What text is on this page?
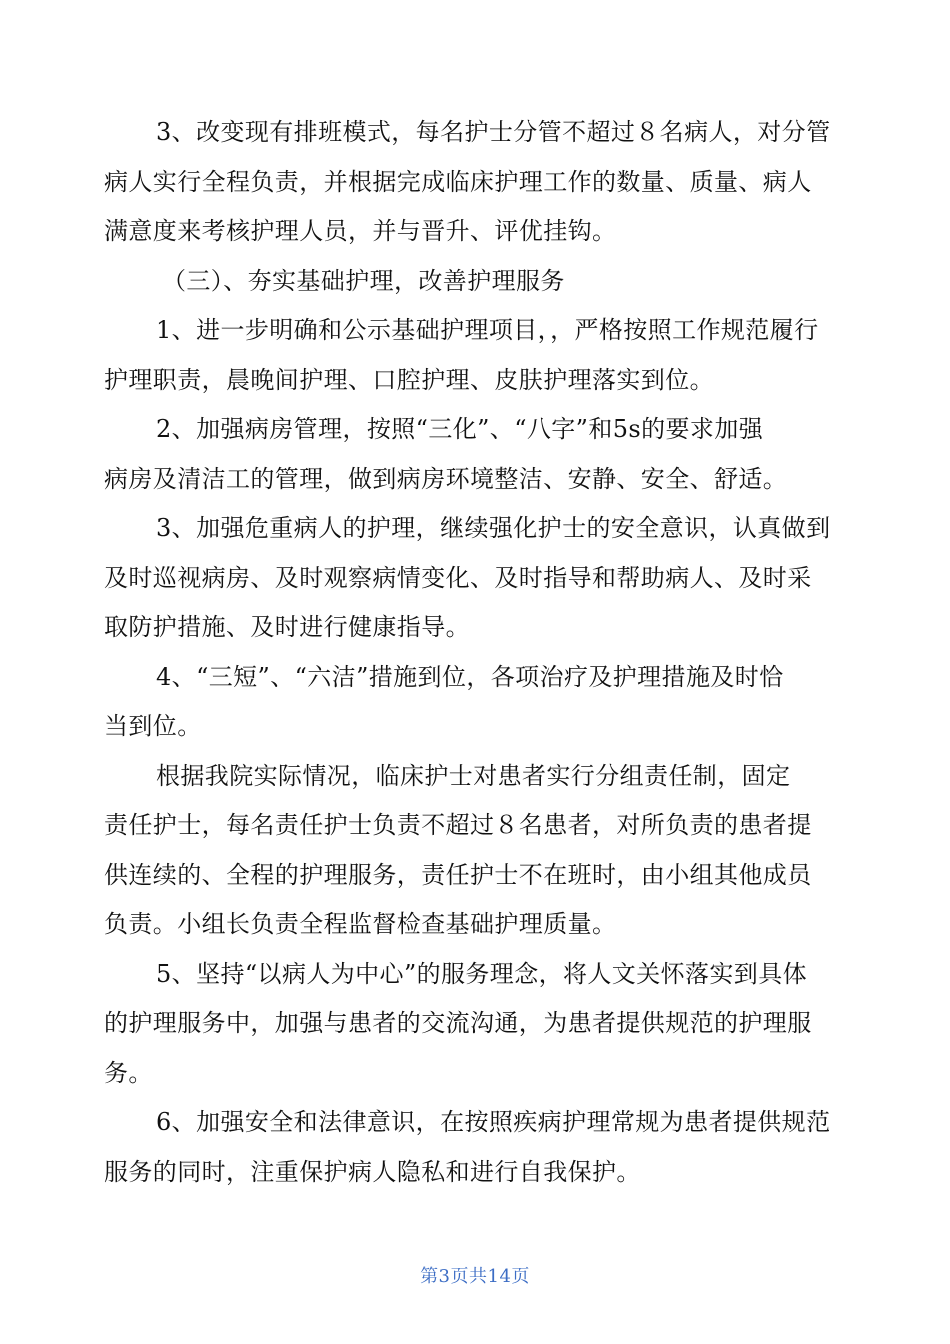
3、改变现有排班模式，每名护士分管不超过８名病人，对分管
病人实行全程负责，并根据完成临床护理工作的数量、质量、病人
满意度来考核护理人员，并与晋升、评优挂钩。

（三）、夯实基础护理，改善护理服务

1、进一步明确和公示基础护理项目，，严格按照工作规范履行
护理职责，晨晚间护理、口腔护理、皮肤护理落实到位。

2、加强病房管理，按照“三化”、“八字”和5s的要求加强
病房及清洁工的管理，做到病房环境整洁、安静、安全、舒适。

3、加强危重病人的护理，继续强化护士的安全意识，认真做到
及时巡视病房、及时观察病情变化、及时指导和帮助病人、及时采
取防护措施、及时进行健康指导。

4、“三短”、“六洁”措施到位，各项治疗及护理措施及时恰
当到位。

根据我院实际情况，临床护士对患者实行分组责任制，固定
责任护士，每名责任护士负责不超过８名患者，对所负责的患者提
供连续的、全程的护理服务，责任护士不在班时，由小组其他成员
负责。小组长负责全程监督检查基础护理质量。

5、坚持“以病人为中心”的服务理念，将人文关怀落实到具体
的护理服务中，加强与患者的交流沟通，为患者提供规范的护理服
务。

6、加强安全和法律意识，在按照疾病护理常规为患者提供规范
服务的同时，注重保护病人隐私和进行自我保护。

第3页共14页
